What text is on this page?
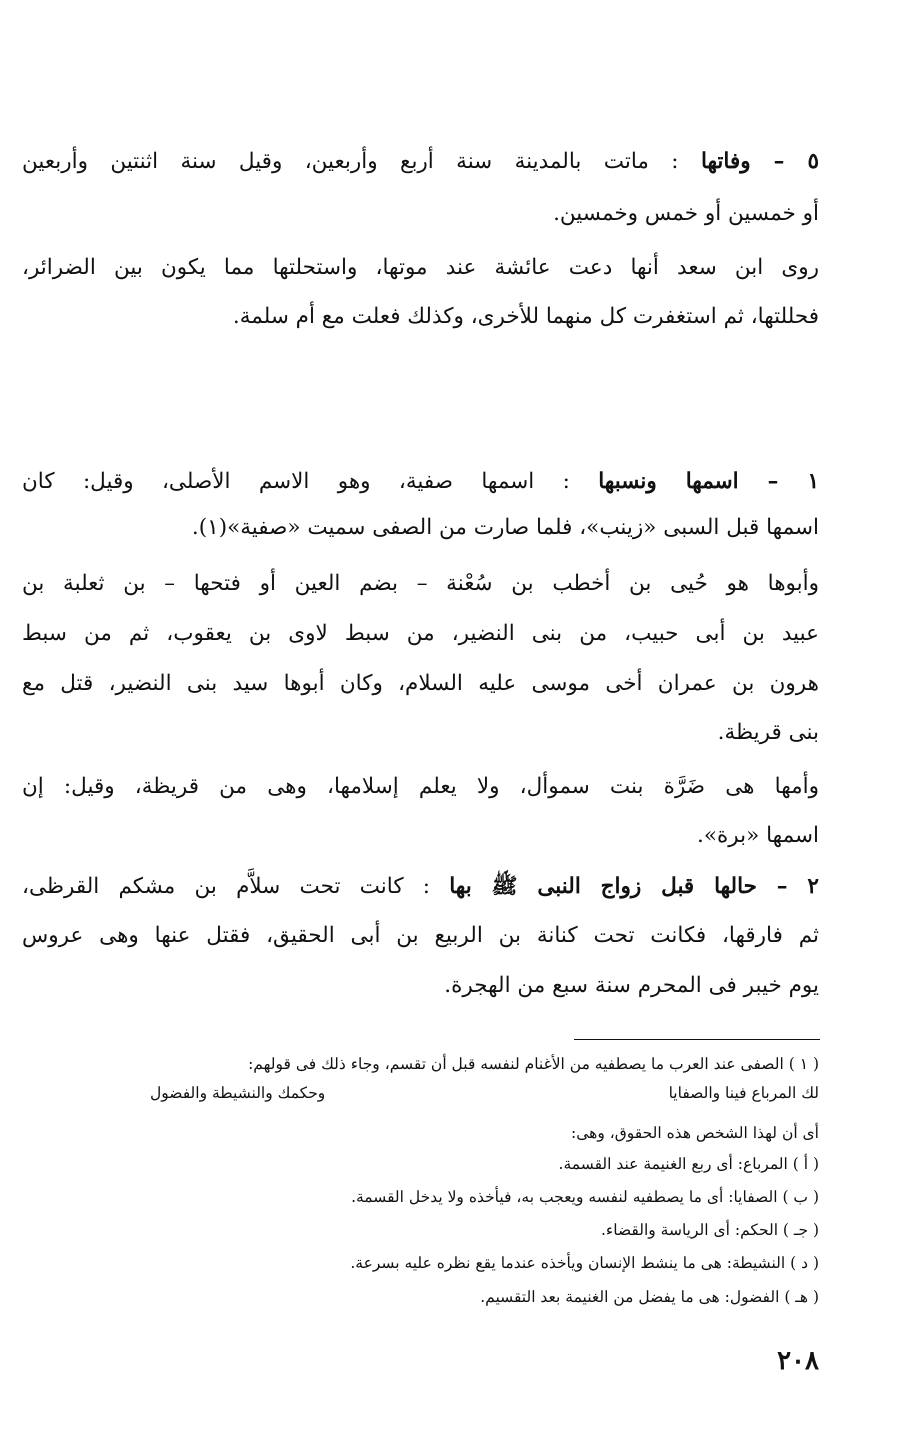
٥ – وفاتها : ماتت بالمدينة سنة أربع وأربعين، وقيل سنة اثنتين وأربعين
أو خمسين أو خمس وخمسين.
روى ابن سعد أنها دعت عائشة عند موتها، واستحلتها مما يكون بين الضرائر،
فحللتها، ثم استغفرت كل منهما للأخرى، وكذلك فعلت مع أم سلمة.
١ – اسمها ونسبها : اسمها صفية، وهو الاسم الأصلى، وقيل: كان
اسمها قبل السبى «زينب»، فلما صارت من الصفى سميت «صفية»(١).
وأبوها هو حُيى بن أخطب بن سُعْنة – بضم العين أو فتحها – بن ثعلبة بن
عبيد بن أبى حبيب، من بنى النضير، من سبط لاوى بن يعقوب، ثم من سبط
هرون بن عمران أخى موسى عليه السلام، وكان أبوها سيد بنى النضير، قتل مع
بنى قريظة.
وأمها هى ضَرَّة بنت سموأل، ولا يعلم إسلامها، وهى من قريظة، وقيل: إن
اسمها «برة».
٢ – حالها قبل زواج النبى ﷺ بها : كانت تحت سلاَّم بن مشكم القرظى،
ثم فارقها، فكانت تحت كنانة بن الربيع بن أبى الحقيق، فقتل عنها وهى عروس
يوم خيبر فى المحرم سنة سبع من الهجرة.
( ١ ) الصفى عند العرب ما يصطفيه من الأغنام لنفسه قبل أن تقسم، وجاء ذلك فى قولهم:
لك المرباع فينا والصفايا
وحكمك والنشيطة والفضول
أى أن لهذا الشخص هذه الحقوق، وهى:
( أ ) المرباع: أى ربع الغنيمة عند القسمة.
( ب ) الصفايا: أى ما يصطفيه لنفسه ويعجب به، فيأخذه ولا يدخل القسمة.
( جـ ) الحكم: أى الرياسة والقضاء.
( د ) النشيطة: هى ما ينشط الإنسان ويأخذه عندما يقع نظره عليه بسرعة.
( هـ ) الفضول: هى ما يفضل من الغنيمة بعد التقسيم.
٢٠٨
